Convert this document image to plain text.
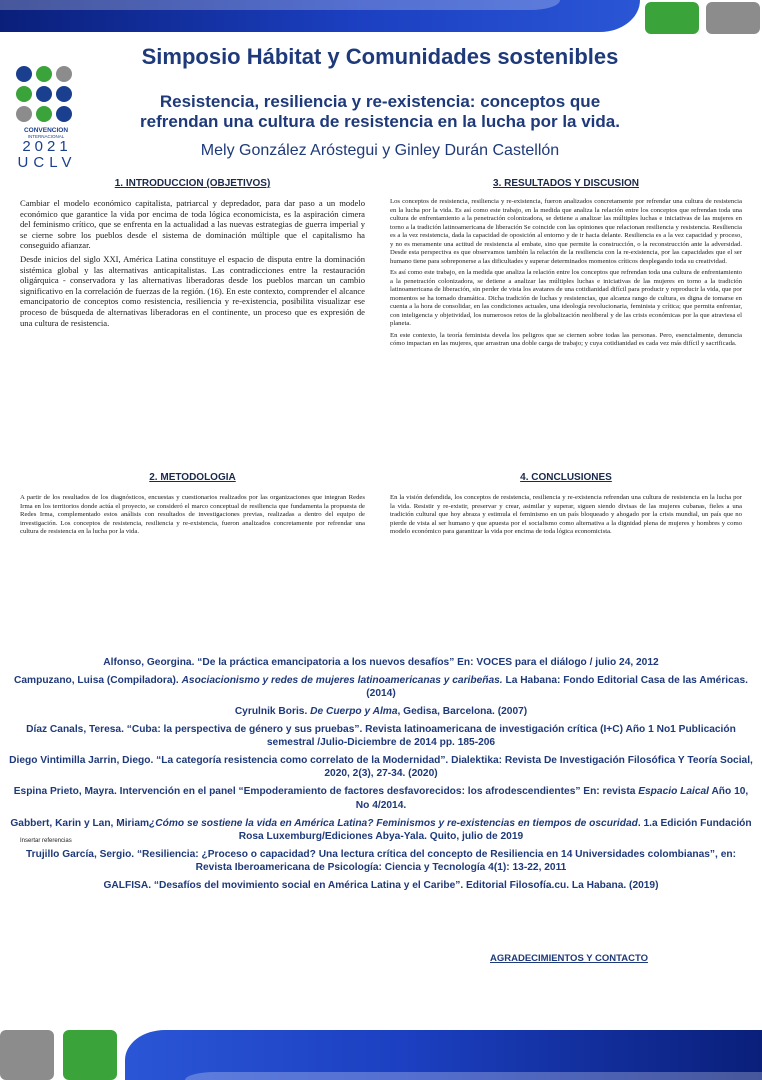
CONVENCION
INTERNACIONAL
2021
UCLV
Simposio Hábitat y Comunidades sostenibles
Resistencia, resiliencia y re-existencia: conceptos que
refrendan una cultura de resistencia en la lucha por la vida.
Mely González Aróstegui y Ginley Durán Castellón
1. INTRODUCCION (OBJETIVOS)

Cambiar el modelo económico capitalista, patriarcal y depredador, para dar paso a un modelo económico que garantice la vida por encima de toda lógica economicista, es la aspiración cimera del feminismo crítico, que se enfrenta en la actualidad a las nuevas estrategias de guerra imperial y se cierne sobre los pueblos desde el sistema de dominación múltiple que el capitalismo ha conseguido afianzar.

Desde inicios del siglo XXI, América Latina constituye el espacio de disputa entre la dominación sistémica global y las alternativas anticapitalistas. Las contradicciones entre la restauración oligárquica - conservadora y las alternativas liberadoras desde los pueblos marcan un cambio significativo en la correlación de fuerzas de la región. (16). En este contexto, comprender el alcance emancipatorio de conceptos como resistencia, resiliencia y re-existencia, posibilita visualizar ese proceso de búsqueda de alternativas liberadoras en el continente, un proceso que es expresión de una cultura de resistencia.

3. RESULTADOS Y DISCUSION

Los conceptos de resistencia, resiliencia y re-existencia, fueron analizados concretamente por refrendar una cultura de resistencia en la lucha por la vida. Es así como este trabajo, en la medida que analiza la relación entre los conceptos que refrendan toda una cultura de enfrentamiento a la penetración colonizadora, se detiene a analizar las múltiples luchas e iniciativas de las mujeres en torno a la tradición latinoamericana de liberación Se coincide con las opiniones que relacionan resiliencia y resistencia. Resiliencia es a la vez resistencia, dada la capacidad de oposición al entorno y de ir hacia delante. Resiliencia es a la vez capacidad y proceso, y no es meramente una actitud de resistencia al embate, sino que permite la construcción, o la reconstrucción ante la adversidad. Desde esta perspectiva es que observamos también la relación de la resiliencia con la re-existencia, por las capacidades que el ser humano tiene para sobreponerse a las dificultades y superar determinados momentos críticos desplegando toda su creatividad.

Es así como este trabajo, en la medida que analiza la relación entre los conceptos que refrendan toda una cultura de enfrentamiento a la penetración colonizadora, se detiene a analizar las múltiples luchas e iniciativas de las mujeres en torno a la tradición latinoamericana de liberación, sin perder de vista los avatares de una cotidianidad difícil para producir y reproducir la vida, que por momentos se ha tornado dramática. Dicha tradición de luchas y resistencias, que alcanza rango de cultura, es digna de tomarse en cuenta a la hora de consolidar, en las condiciones actuales, una ideología revolucionaria, feminista y crítica; que permita enfrentar, con inteligencia y objetividad, los numerosos retos de la globalización neoliberal y de las crisis económicas por la que atraviesa el planeta.

En este contexto, la teoría feminista devela los peligros que se ciernen sobre todas las personas. Pero, esencialmente, denuncia cómo impactan en las mujeres, que arrastran una doble carga de trabajo; y cuya cotidianidad es cada vez más difícil y sacrificada.

2. METODOLOGIA

A partir de los resultados de los diagnósticos, encuestas y cuestionarios realizados por las organizaciones que integran Redes Irma en los territorios donde actúa el proyecto, se consideró el marco conceptual de resiliencia que fundamenta la propuesta de Redes Irma, complementado estos análisis con resultados de investigaciones previas, realizadas a dentro del equipo de investigación. Los conceptos de resistencia, resiliencia y re-existencia, fueron analizados concretamente por refrendar una cultura de resistencia en la lucha por la vida.

4. CONCLUSIONES

En la visión defendida, los conceptos de resistencia, resiliencia y re-existencia refrendan una cultura de resistencia en la lucha por la vida. Resistir y re-existir, preservar y crear, asimilar y superar, siguen siendo divisas de las mujeres cubanas, fieles a una tradición cultural que hoy abraza y estimula el feminismo en un país bloqueado y ahogado por la crisis mundial, un país que no pierde de vista al ser humano y que apuesta por el socialismo como alternativa a la dignidad plena de mujeres y hombres y como modelo económico para garantizar la vida por encima de toda lógica economicista.

Alfonso, Georgina. “De la práctica emancipatoria a los nuevos desafíos” En: VOCES para el diálogo / julio 24, 2012
Campuzano, Luisa (Compiladora). Asociacionismo y redes de mujeres latinoamericanas y caribeñas. La Habana: Fondo Editorial Casa de las Américas. (2014)
Cyrulnik Boris. De Cuerpo y Alma, Gedisa, Barcelona. (2007)
Díaz Canals, Teresa. “Cuba: la perspectiva de género y sus pruebas”. Revista latinoamericana de investigación crítica (I+C) Año 1 No1 Publicación semestral /Julio-Diciembre de 2014 pp. 185-206
Diego Vintimilla Jarrin, Diego. “La categoría resistencia como correlato de la Modernidad”. Dialektika: Revista De Investigación Filosófica Y Teoría Social, 2020, 2(3), 27-34. (2020)
Espina Prieto, Mayra. Intervención en el panel “Empoderamiento de factores desfavorecidos: los afrodescendientes” En: revista Espacio Laical Año 10, No 4/2014.
Gabbert, Karin y Lan, Miriam¿Cómo se sostiene la vida en América Latina? Feminismos y re-existencias en tiempos de oscuridad. 1.a Edición Fundación Rosa Luxemburg/Ediciones Abya-Yala. Quito, julio de 2019
Trujillo García, Sergio. “Resiliencia: ¿Proceso o capacidad? Una lectura crítica del concepto de Resiliencia en 14 Universidades colombianas”, en: Revista Iberoamericana de Psicología: Ciencia y Tecnología 4(1): 13-22, 2011
GALFISA. “Desafíos del movimiento social en América Latina y el Caribe”. Editorial Filosofía.cu. La Habana. (2019)
Insertar referencias
AGRADECIMIENTOS Y CONTACTO
